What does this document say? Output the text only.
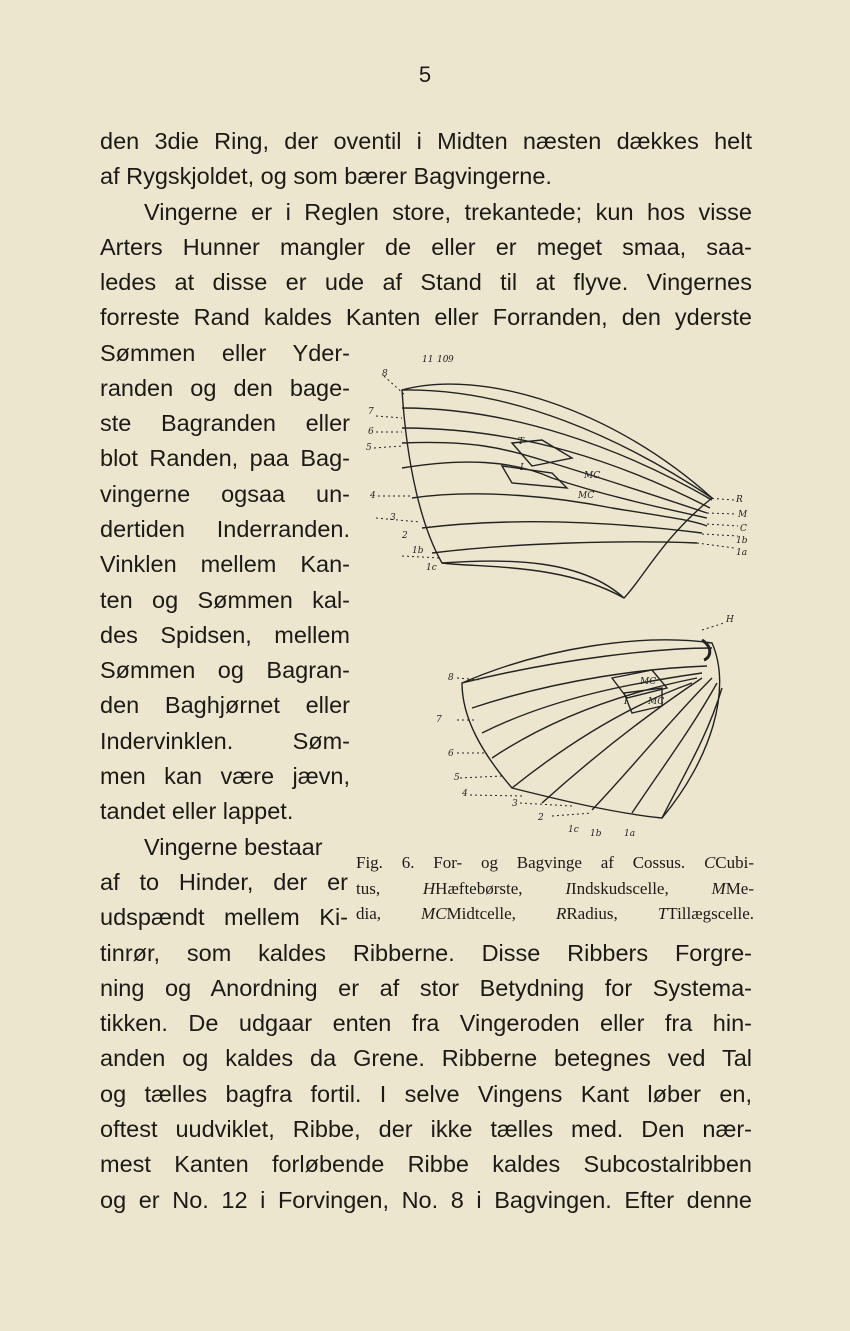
5
den 3die Ring, der oventil i Midten næsten dækkes helt
af Rygskjoldet, og som bærer Bagvingerne.
Vingerne er i Reglen store, trekantede; kun hos visse
Arters Hunner mangler de eller er meget smaa, saa-
ledes at disse er ude af Stand til at flyve. Vingernes
forreste Rand kaldes Kanten eller Forranden, den yderste
Sømmen eller Yder-
randen og den bage-
ste Bagranden eller
blot Randen, paa Bag-
vingerne ogsaa un-
dertiden Inderranden.
Vinklen mellem Kan-
ten og Sømmen kal-
des Spidsen, mellem
Sømmen og Bagran-
den Baghjørnet eller
Indervinklen. Søm-
men kan være jævn,
tandet eller lappet.
Vingerne bestaar
af to Hinder, der er
udspændt mellem Ki-
11 10 9
8
7
6
5
4
3
2
1b
1c
T
I
MC
MC	R
M
C
1b
1a
H
8
7
6
5
4
3
2
1c 1b	1a
MC
I MC
Fig. 6. For- og Bagvinge af Cossus. CCubi-
tus,	HHæftebørste,	IIndskudscelle,	MMe-
dia, MCMidtcelle, RRadius, TTillægscelle.
tinrør, som kaldes Ribberne. Disse Ribbers Forgre-
ning og Anordning er af stor Betydning for Systema-
tikken. De udgaar enten fra Vingeroden eller fra hin-
anden og kaldes da Grene. Ribberne betegnes ved Tal
og tælles bagfra fortil. I selve Vingens Kant løber en,
oftest uudviklet, Ribbe, der ikke tælles med. Den nær-
mest Kanten forløbende Ribbe kaldes Subcostalribben
og er No. 12 i Forvingen, No. 8 i Bagvingen. Efter denne
